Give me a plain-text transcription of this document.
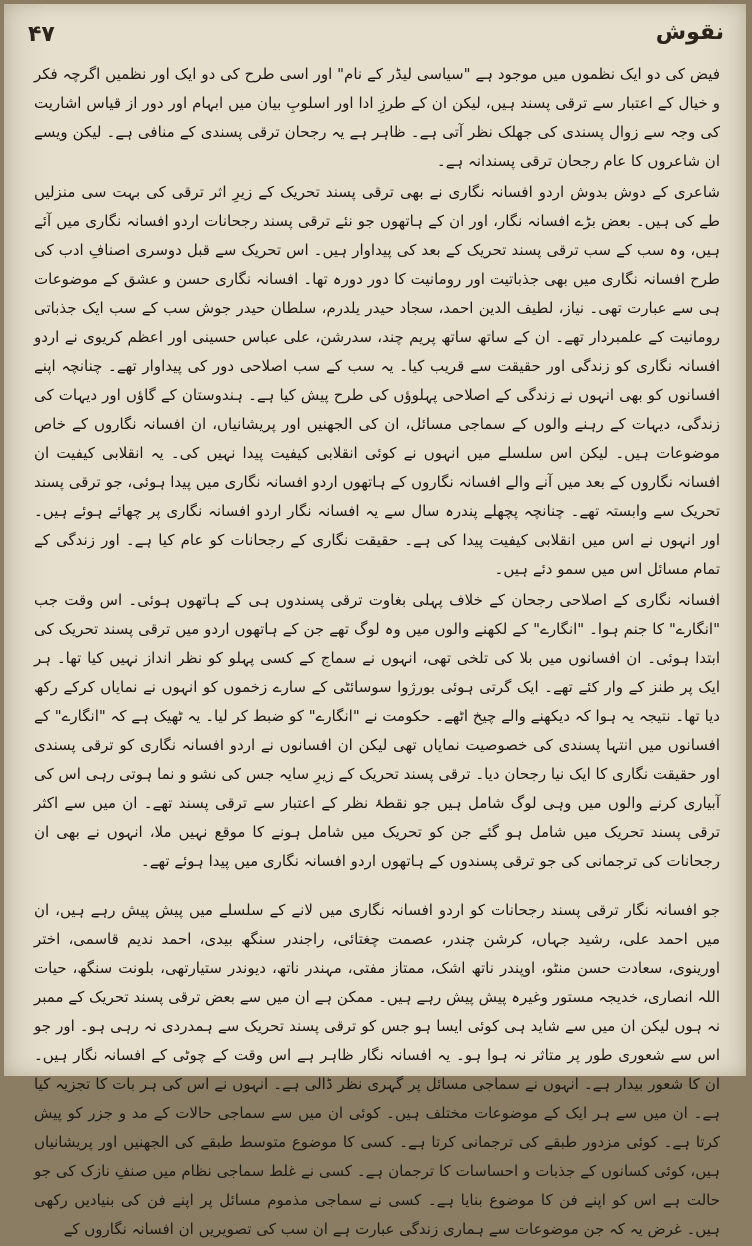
نقوش
۴۷

فیض کی دو ایک نظموں میں موجود ہے "سیاسی لیڈر کے نام" اور اسی طرح کی دو ایک اور نظمیں اگرچہ فکر و خیال کے اعتبار سے ترقی پسند ہیں، لیکن ان کے طرزِ ادا اور اسلوبِ بیان میں ابہام اور دور از قیاس اشاریت کی وجہ سے زوال پسندی کی جھلک نظر آتی ہے۔ ظاہر ہے یہ رجحان ترقی پسندی کے منافی ہے۔ لیکن ویسے ان شاعروں کا عام رجحان ترقی پسندانہ ہے۔

شاعری کے دوش بدوش اردو افسانہ نگاری نے بھی ترقی پسند تحریک کے زیرِ اثر ترقی کی بہت سی منزلیں طے کی ہیں۔ بعض بڑے افسانہ نگار، اور ان کے ہاتھوں جو نئے ترقی پسند رجحانات اردو افسانہ نگاری میں آئے ہیں، وہ سب کے سب ترقی پسند تحریک کے بعد کی پیداوار ہیں۔ اس تحریک سے قبل دوسری اصنافِ ادب کی طرح افسانہ نگاری میں بھی جذباتیت اور رومانیت کا دور دورہ تھا۔ افسانہ نگاری حسن و عشق کے موضوعات ہی سے عبارت تھی۔ نیاز، لطیف الدین احمد، سجاد حیدر یلدرم، سلطان حیدر جوش سب کے سب ایک جذباتی رومانیت کے علمبردار تھے۔ ان کے ساتھ ساتھ پریم چند، سدرشن، علی عباس حسینی اور اعظم کریوی نے اردو افسانہ نگاری کو زندگی اور حقیقت سے قریب کیا۔ یہ سب کے سب اصلاحی دور کی پیداوار تھے۔ چنانچہ اپنے افسانوں کو بھی انہوں نے زندگی کے اصلاحی پہلوؤں کی طرح پیش کیا ہے۔ ہندوستان کے گاؤں اور دیہات کی زندگی، دیہات کے رہنے والوں کے سماجی مسائل، ان کی الجھنیں اور پریشانیاں، ان افسانہ نگاروں کے خاص موضوعات ہیں۔ لیکن اس سلسلے میں انہوں نے کوئی انقلابی کیفیت پیدا نہیں کی۔ یہ انقلابی کیفیت ان افسانہ نگاروں کے بعد میں آنے والے افسانہ نگاروں کے ہاتھوں اردو افسانہ نگاری میں پیدا ہوئی، جو ترقی پسند تحریک سے وابستہ تھے۔ چنانچہ پچھلے پندرہ سال سے یہ افسانہ نگار اردو افسانہ نگاری پر چھائے ہوئے ہیں۔ اور انہوں نے اس میں انقلابی کیفیت پیدا کی ہے۔ حقیقت نگاری کے رجحانات کو عام کیا ہے۔ اور زندگی کے تمام مسائل اس میں سمو دئے ہیں۔

افسانہ نگاری کے اصلاحی رجحان کے خلاف پہلی بغاوت ترقی پسندوں ہی کے ہاتھوں ہوئی۔ اس وقت جب "انگارے" کا جنم ہوا۔ "انگارے" کے لکھنے والوں میں وہ لوگ تھے جن کے ہاتھوں اردو میں ترقی پسند تحریک کی ابتدا ہوئی۔ ان افسانوں میں بلا کی تلخی تھی، انہوں نے سماج کے کسی پہلو کو نظر انداز نہیں کیا تھا۔ ہر ایک پر طنز کے وار کئے تھے۔ ایک گرتی ہوئی بورژوا سوسائٹی کے سارے زخموں کو انہوں نے نمایاں کرکے رکھ دیا تھا۔ نتیجہ یہ ہوا کہ دیکھنے والے چیخ اٹھے۔ حکومت نے "انگارے" کو ضبط کر لیا۔ یہ ٹھیک ہے کہ "انگارے" کے افسانوں میں انتہا پسندی کی خصوصیت نمایاں تھی لیکن ان افسانوں نے اردو افسانہ نگاری کو ترقی پسندی اور حقیقت نگاری کا ایک نیا رجحان دیا۔ ترقی پسند تحریک کے زیرِ سایہ جس کی نشو و نما ہوتی رہی اس کی آبیاری کرنے والوں میں وہی لوگ شامل ہیں جو نقطۂ نظر کے اعتبار سے ترقی پسند تھے۔ ان میں سے اکثر ترقی پسند تحریک میں شامل ہو گئے جن کو تحریک میں شامل ہونے کا موقع نہیں ملا، انہوں نے بھی ان رجحانات کی ترجمانی کی جو ترقی پسندوں کے ہاتھوں اردو افسانہ نگاری میں پیدا ہوئے تھے۔

جو افسانہ نگار ترقی پسند رجحانات کو اردو افسانہ نگاری میں لانے کے سلسلے میں پیش پیش رہے ہیں، ان میں احمد علی، رشید جہاں، کرشن چندر، عصمت چغتائی، راجندر سنگھ بیدی، احمد ندیم قاسمی، اختر اورینوی، سعادت حسن منٹو، اوپندر ناتھ اشک، ممتاز مفتی، مہندر ناتھ، دیوندر ستیارتھی، بلونت سنگھ، حیات اللہ انصاری، خدیجہ مستور وغیرہ پیش پیش رہے ہیں۔ ممکن ہے ان میں سے بعض ترقی پسند تحریک کے ممبر نہ ہوں لیکن ان میں سے شاید ہی کوئی ایسا ہو جس کو ترقی پسند تحریک سے ہمدردی نہ رہی ہو۔ اور جو اس سے شعوری طور پر متاثر نہ ہوا ہو۔ یہ افسانہ نگار ظاہر ہے اس وقت کے چوٹی کے افسانہ نگار ہیں۔ ان کا شعور بیدار ہے۔ انہوں نے سماجی مسائل پر گہری نظر ڈالی ہے۔ انہوں نے اس کی ہر بات کا تجزیہ کیا ہے۔ ان میں سے ہر ایک کے موضوعات مختلف ہیں۔ کوئی ان میں سے سماجی حالات کے مد و جزر کو پیش کرتا ہے۔ کوئی مزدور طبقے کی ترجمانی کرتا ہے۔ کسی کا موضوع متوسط طبقے کی الجھنیں اور پریشانیاں ہیں، کوئی کسانوں کے جذبات و احساسات کا ترجمان ہے۔ کسی نے غلط سماجی نظام میں صنفِ نازک کی جو حالت ہے اس کو اپنے فن کا موضوع بنایا ہے۔ کسی نے سماجی مذموم مسائل پر اپنے فن کی بنیادیں رکھی ہیں۔ غرض یہ کہ جن موضوعات سے ہماری زندگی عبارت ہے ان سب کی تصویریں ان افسانہ نگاروں کے
